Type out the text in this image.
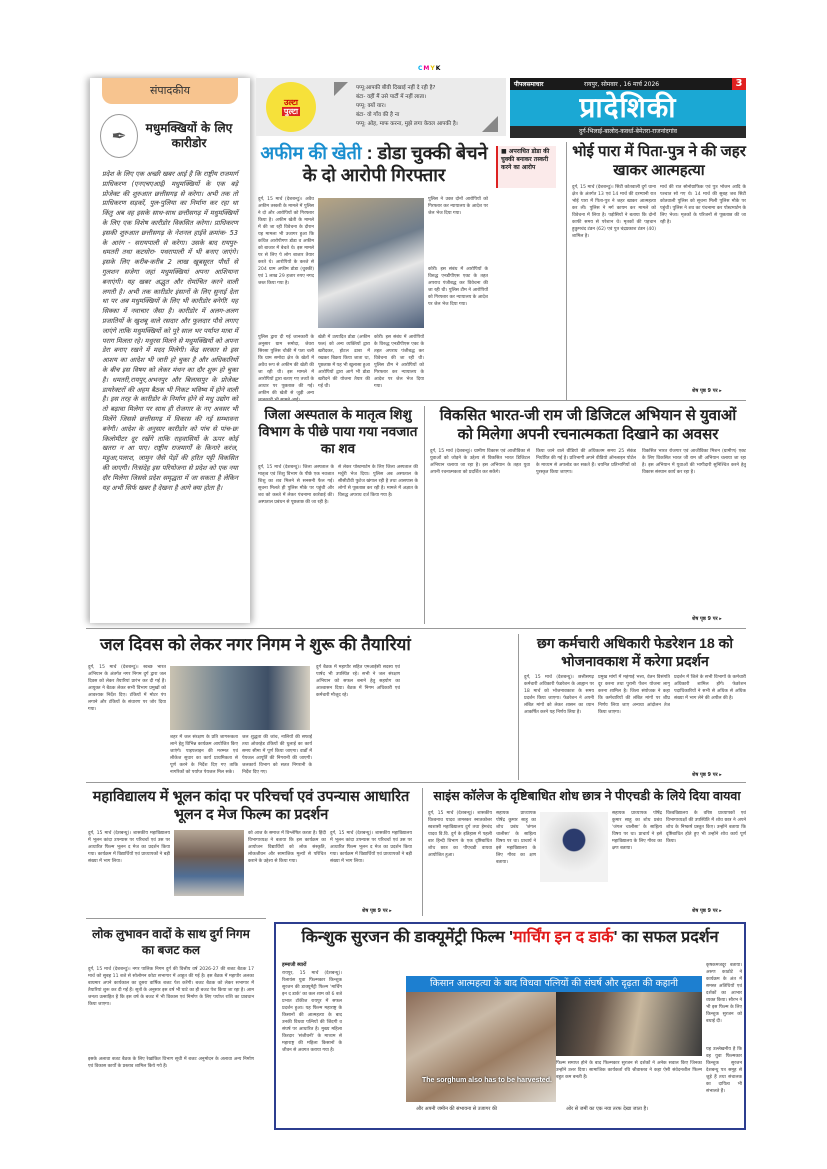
CMYK
संपादकीय
✒	मधुमक्खियों के लिए कारीडोर
प्रदेश के लिए एक अच्छी खबर आई है कि राष्ट्रीय राजमार्ग प्राधिकरण (एनएचएआई) मधुमक्खियों के एक बड़े प्रोजेक्ट की शुरुआत छत्तीसगढ़ से करेगा। अभी तक तो प्राधिकरण सड़कों, पुल-पुलिया का निर्माण कर रहा था किंतु अब वह इसके साथ-साथ छत्तीसगढ़ में मधुमक्खियों के लिए एक विशेष कारीडोर विकसित करेगा। प्राधिकरण इसकी शुरुआत छत्तीसगढ़ के नेशनल हाईवे क्रमांक- 53 के आरंग - सरायपाली से करेगा। उसके बाद रायपुर- धमतरी तथा कटघोरा- पथरापाली में भी बनाए जाएंगे। इसके लिए करीब-करीब 2 लाख खूबसूरत पौधों से गुलशन सजेगा जहां मधुमक्खियां अपना आशियाना बनाएंगी। यह खबर अद्भुत और रोमांचित करने वाली लगती है। अभी तक कारीडोर इंसानों के लिए सुनाई देता था पर अब मधुमक्खियों के लिए भी कारीडोर बनेगी! यह सिक्का में नवाचार जैसा है। कारीडोर में अलग-अलग प्रजातियों के खुशबू वाले रसदार और फूलदार पौधे लगाए जाएंगे ताकि मधुमक्खियों को पूरे साल भर पर्याप्त मात्रा में पराग मिलता रहे। मधुरस मिलने से मधुमक्खियों को अपना डेरा बनाए रखने में मदद मिलेगी। केंद्र सरकार से इस आशय का आदेश भी जारी हो चुका है और अधिकारियों के बीच इस विषय को लेकर मंथन का दौर शुरू हो चुका है। धमतरी,रायपुर,अभनपुर और बिलासपुर के प्रोजेक्ट डायरेक्टरों की अहम बैठक भी निकट भविष्य में होने वाली है। इस तरह के कारीडोर के निर्माण होने से मधु उद्योग को तो बढ़ावा मिलेगा पर साथ ही रोजगार के नए अवसर भी मिलेंगे जिससे छत्तीसगढ़ में विकास की नई सम्भावना बनेगी। आदेश के अनुसार कारीडोर को पांच से पांच-छः किलोमीटर दूर रखेंगे ताकि राहवासियों के ऊपर कोई खतरा न आ पाए। राष्ट्रीय राजमार्गों के किनारे करंज, महुआ,पलाश, जामुन जैसे पेड़ों की हरित पट्टी विकसित की जाएगी। निःसंदेह इस परियोजना से प्रदेश को एक नया दौर मिलेगा जिससे प्रदेश समृद्धता में जा सकता है लेकिन यह अभी सिर्फ खबर है देखना है आगे क्या होता है।
उल्टा
पुल्टा
पप्पू:आपकी बीवी दिखाई नहीं दे रही है?
बंटा- वहीं मैं उसे पार्टी में नहीं लाता।
पप्पू: क्यों यार।
बंटा- वो गाँव की है ना
पप्पू: ओह, माफ करना, मुझे लगा केवल आपकी है।
पीपलसमाचार	रायपुर, सोमवार , 16 मार्च 2026	3
प्रादेशिकी
दुर्ग-भिलाई-बालोद-कवर्धा-बेमेतरा-राजनांदगांव
अफीम की खेती : डोडा चुक्की बेचने के दो आरोपी गिरफ्तार
■ अपराधित डोडा की चुक्की बनाकर तस्करी करने का आरोप
दुर्ग, 15 मार्च (देशबन्धु)। अवैध अफीम तस्करी के मामले में पुलिस ने दो और आरोपियों को गिरफ्तार किया है। अफीम खेती के मामले में की जा रही विवेचना के दौरान यह मामला भी उजागर हुआ कि कथित आरोपीगण डोडा व अफीम को बाजार में बेचते थे। इस मामले पर से लिए पे लोग बाजार तैयार करते थे। आरोपियों के कब्जे से 204 ग्राम अफीम डोडा (चुक्की) एवं 1 लाख 29 हजार रुपए नगद जब्त किया गया है।
पुलिस द्वारा दी गई जानकारी के अनुसार ग्राम समोदा, जेवरा सिरसा पुलिस चौकी में पता चली कि ग्राम समोदा क्षेत्र के खेतों में अवैध रूप से अफीम की खेती की जा रही थी। इस मामले में आरोपियों द्वारा बताए गए तथ्यों के आधार पर पूछताछ की गई। अफीम की खेती से जुड़ी अन्य
खेती में उत्पादित डोडा (अफीम फल) को अन्य व्यक्तियों द्वारा खरीदकर, होटल ढाबा में रखकर बिक्रय किया जाता था, पूछताछ में यह भी खुलासा हुआ आरोपियों द्वारा आगे भी डोडा खरीदने की योजना तैयार की गई थी।
कोरी। इस संबंध में आरोपियों के विरुद्ध एनडीपीएस एक्ट के तहत अपराध पंजीबद्ध कर विवेचना की जा रही थी। पुलिस टीम ने आरोपियों को गिरफ्तार कर न्यायालय के आदेश पर जेल भेज दिया गया।
पुलिस ने उक्त दोनों आरोपियों को गिरफ्तार कर न्यायालय के आदेश पर जेल भेज दिया गया।
कोरी। इस संबंध में आरोपियों के विरुद्ध एनडीपीएस एक्ट के तहत अपराध पंजीबद्ध कर विवेचना की जा रही थी। पुलिस टीम ने आरोपियों को गिरफ्तार कर न्यायालय के आदेश पर जेल भेज दिया गया।
भोई पारा में पिता-पुत्र ने की जहर खाकर आत्महत्या
दुर्ग, 15 मार्च (देशबन्धु)। सिटी कोतवाली दुर्ग थाना क्षेत्र के अंतर्गत 13 एवं 14 मार्च की दरम्यानी रात भोई पारा में पिता-पुत्र ने जहर खाकर आत्महत्या कर ली। पुलिस ने मर्ग कायम कर मामले को विवेचना में लिया है। पड़ोसियों ने बताया कि दोनों काफी समय से परेशान थे। मृतकों की पहचान हुकुमचंद टंडन (62) एवं पुत्र चंद्रप्रकाश टंडन (40) शामिल है।
मार्च की रात सोनोग्राफिक एवं पुत्र भोजन आदि के पश्चात सो गए थे। 14 मार्च की सुबह जब सिटी कोतवाली पुलिस को सूचना मिली पुलिस मौके पर पहुंची। पुलिस ने शव का पंचनामा कर पोस्टमार्टम के लिए भेजा। मृतकों के परिजनों से पूछताछ की जा रही है।
शेष पृष्ठ 9 पर ▸
जिला अस्पताल के मातृत्व शिशु विभाग के पीछे पाया गया नवजात का शव
दुर्ग, 15 मार्च (देशबन्धु)। जिला अस्पताल के मातृत्व एवं शिशु विभाग के पीछे एक नवजात शिशु का शव मिलने से सनसनी फैल गई। सूचना मिलते ही पुलिस मौके पर पहुंची और शव को कब्जे में लेकर पंचनामा कार्रवाई की। अस्पताल प्रबंधन से पूछताछ की जा रही है।
से लेकर पोस्टमार्टम के लिए जिला अस्पताल की मर्चुरी भेज दिया। पुलिस अब अस्पताल के सीसीटीवी फुटेज खंगाल रही है तथा आसपास के लोगों से पूछताछ कर रही है। मामले में अज्ञात के विरुद्ध अपराध दर्ज किया गया है।
विकसित भारत-जी राम जी डिजिटल अभियान से युवाओं को मिलेगा अपनी रचनात्मकता दिखाने का अवसर
दुर्ग, 15 मार्च (देशबन्धु)। ग्रामीण विकास एवं आजीविका से युवाओं को जोड़ने के उद्देश्य से विकसित भारत डिजिटल अभियान चलाया जा रहा है। इस अभियान के तहत युवा अपनी रचनात्मकता को प्रदर्शित कर सकेंगे।
किया जाने वाले वीडियो की अधिकतम समय 25 सेकंड निर्धारित की गई है। प्रतिभागी अपने वीडियो ऑनलाइन पोर्टल के माध्यम से अपलोड कर सकते हैं। चयनित प्रतिभागियों को पुरस्कृत किया जाएगा।
विकसित भारत रोजगार एवं आजीविका मिशन (ग्रामीण) एक्ट के लिए विकसित भारत जी राम जी अभियान चलाया जा रहा है। इस अभियान में युवाओं की भागीदारी सुनिश्चित करने हेतु विकास संस्थान कार्य कर रहा है।
शेष पृष्ठ 9 पर ▸
जल दिवस को लेकर नगर निगम ने शुरू की तैयारियां
दुर्ग, 15 मार्च (देशबन्धु)। स्वच्छ भारत अभियान के अंतर्गत नगर निगम दुर्ग द्वारा जल दिवस को लेकर तैयारियां प्रारंभ कर दी गई हैं। आयुक्त ने बैठक लेकर सभी विभाग प्रमुखों को आवश्यक निर्देश दिए। टंकियों में मोटर पंप लगाने और टंकियों के संधारण पर जोर दिया गया।
शहर में जल संरक्षण के प्रति जागरूकता लाने हेतु विभिन्न कार्यक्रम आयोजित किए जाएंगे। पाइपलाइन की मरम्मत एवं लीकेज सुधार का कार्य प्राथमिकता से पूर्ण करने के निर्देश दिए गए ताकि नागरिकों को पर्याप्त पेयजल मिल सके।
जल शुद्धता की जांच, नालियों की सफाई तथा ओवरहेड टंकियों की धुलाई का कार्य समय सीमा में पूर्ण किया जाएगा। वार्डों में पेयजल आपूर्ति की निगरानी की जाएगी। जलकार्य विभाग को सतत निगरानी के निर्देश दिए गए।
दुर्ग बैठक में महापौर सहित एमआईसी सदस्य एवं पार्षद भी उपस्थित रहे। सभी ने जल संरक्षण अभियान को सफल बनाने हेतु सहयोग का आश्वासन दिया। बैठक में निगम अधिकारी एवं कर्मचारी मौजूद रहे।
छग कर्मचारी अधिकारी फेडरेशन 18 को भोजनावकाश में करेगा प्रदर्शन
दुर्ग, 15 मार्च (देशबन्धु)। छत्तीसगढ़ कर्मचारी अधिकारी फेडरेशन के आह्वान पर 18 मार्च को भोजनावकाश के समय प्रदर्शन किया जाएगा। फेडरेशन ने अपनी लंबित मांगों को लेकर शासन का ध्यान आकर्षित करने यह निर्णय लिया है।
प्रमुख मांगों में महंगाई भत्ता, वेतन विसंगति दूर करना तथा पुरानी पेंशन योजना लागू करना शामिल है। जिला संयोजक ने कहा कि कर्मचारियों की लंबित मांगों पर शीघ्र निर्णय लिया जाए अन्यथा आंदोलन तेज किया जाएगा।
प्रदर्शन में जिले के सभी विभागों के कर्मचारी अधिकारी शामिल होंगे। फेडरेशन पदाधिकारियों ने सभी से अधिक से अधिक संख्या में भाग लेने की अपील की है।
शेष पृष्ठ 9 पर ▸
महाविद्यालय में भूलन कांदा पर परिचर्चा एवं उपन्यास आधारित भूलन द मेज फिल्म का प्रदर्शन
दुर्ग, 15 मार्च (देशबन्धु)। शासकीय महाविद्यालय में भूलन कांदा उपन्यास पर परिचर्चा एवं उस पर आधारित फिल्म भूलन द मेज का प्रदर्शन किया गया। कार्यक्रम में विद्यार्थियों एवं प्राध्यापकों ने बड़ी संख्या में भाग लिया।
को आज के समाज में विश्लेषित करता है। हिंदी विभागाध्यक्ष ने बताया कि इस कार्यक्रम का आयोजन विद्यार्थियों को लोक संस्कृति, लोकजीवन और सामाजिक मूल्यों से परिचित कराने के उद्देश्य से किया गया।
दुर्ग, 15 मार्च (देशबन्धु)। शासकीय महाविद्यालय में भूलन कांदा उपन्यास पर परिचर्चा एवं उस पर आधारित फिल्म भूलन द मेज का प्रदर्शन किया गया। कार्यक्रम में विद्यार्थियों एवं प्राध्यापकों ने बड़ी संख्या में भाग लिया।
शेष पृष्ठ 9 पर ▸
साइंस कॉलेज के दृष्टिबाधित शोध छात्र ने पीएचडी के लिये दिया वायवा
दुर्ग, 15 मार्च (देशबन्धु)। शासकीय विश्वनाथ यादव तामस्कर स्नातकोत्तर स्वशासी महाविद्यालय दुर्ग तथा हेमचंद यादव वि.वि. दुर्ग के इतिहास में पहली बार हिन्दी विभाग के एक दृष्टिबाधित शोध छात्र का पीएचडी वायवा आयोजित हुआ।
सहायक प्राध्यापक पोषेंद्र कुमार साहू का शोध प्रबंध 'जंगल चालीसा' के साहित्य विषय पर था। प्राचार्य ने इसे महाविद्यालय के लिए गौरव का क्षण बताया।
सहायक प्राध्यापक पोषेंद्र कुमार साहू का शोध प्रबंध 'जंगल चालीसा' के साहित्य विषय पर था। प्राचार्य ने इसे महाविद्यालय के लिए गौरव का क्षण बताया।
विश्वविद्यालय के वरिष्ठ प्राध्यापकों एवं विभागाध्यक्षों की उपस्थिति में शोध छात्र ने अपने शोध के निष्कर्ष प्रस्तुत किए। उन्होंने बताया कि दृष्टिबाधित होते हुए भी उन्होंने शोध कार्य पूर्ण किया।
शेष पृष्ठ 9 पर ▸
लोक लुभावन वादों के साथ दुर्ग निगम का बजट कल
दुर्ग, 15 मार्च (देशबन्धु)। नगर पालिक निगम दुर्ग की वित्तीय वर्ष 2026-27 की बजट बैठक 17 मार्च को सुबह 11 बजे से सोलोमन कोटा सभागार में आहूत की गई है। इस बैठक में महापौर अलका बाघमार अपने कार्यकाल का दूसरा वार्षिक बजट पेश करेंगी। बजट बैठक को लेकर सभागार में तैयारियां शुरू कर दी गई हैं। सूत्रों के अनुसार इस वर्ष भी घाटे का ही बजट पेश किया जा रहा है। आम जनता उत्साहित है कि इस वर्ष के बजट में भी विकास एवं निर्माण के लिए पर्याप्त राशि का प्रावधान किया जाएगा।
इसके अलावा बजट बैठक के लिए रेखांकित विभाग सूची में बजट अनुमोदन के अलावा अन्य निर्माण एवं विकास कार्यों के प्रस्ताव शामिल किये गये हैं।
किन्शुक सुरजन की डाक्यूमेंट्री फिल्म 'मार्चिंग इन द डार्क' का सफल प्रदर्शन
हम्माजी ब्यारों
रायपुर, 15 मार्च (देशबन्धु)। रिलायंस युवा फिल्मकार किन्शुक सुरजन की डाक्यूमेंट्री फिल्म 'मार्चिंग इन द डार्क' का कल शाम को 6 बजे प्रभात टॉकीज रायपुर में सफल प्रदर्शन हुआ। यह फिल्म महाराष्ट्र के किसानों की आत्महत्या के बाद उनकी विधवा पत्नियों की जिंदगी व संघर्ष पर आधारित है। मुख्य महिला किरदार 'संजीवनी' के माध्यम से महाराष्ट्र की महिला किसानों के जीवन से अवगत कराया गया है।
किसान आत्महत्या के बाद विधवा पत्नियों की संघर्ष और दृढ़ता की कहानी
The sorghum also has to be harvested.
फिल्म समाप्त होने के बाद फिल्मकार सुरजन से दर्शकों ने अनेक सवाल किए जिनका उन्होंने उत्तर दिया। सामाजिक कार्यकर्ता रवि श्रीवास्तव ने कहा ऐसी संवेदनशील फिल्म बहुत कम बनती हैं।
और अपनी जमीन की संभावना से उजागर की	ओर से जमीं का एक नया तरफ देखा जाता है।
कृषकमजदूर बताया। अरुण काठोटे ने कार्यक्रम के अंत में समस्त अतिथियों एवं दर्शकों का आभार व्यक्त किया। सौरभ ने भी इस फिल्म के लिए किन्शुक सुरजन को बधाई दी।
यह उल्लेखनीय है कि वह युवा फिल्मकार किन्शुक सुरजन देशबन्धु पत्र समूह से जुड़े हैं तथा संचालक का दायित्व भी संभालते हैं।
